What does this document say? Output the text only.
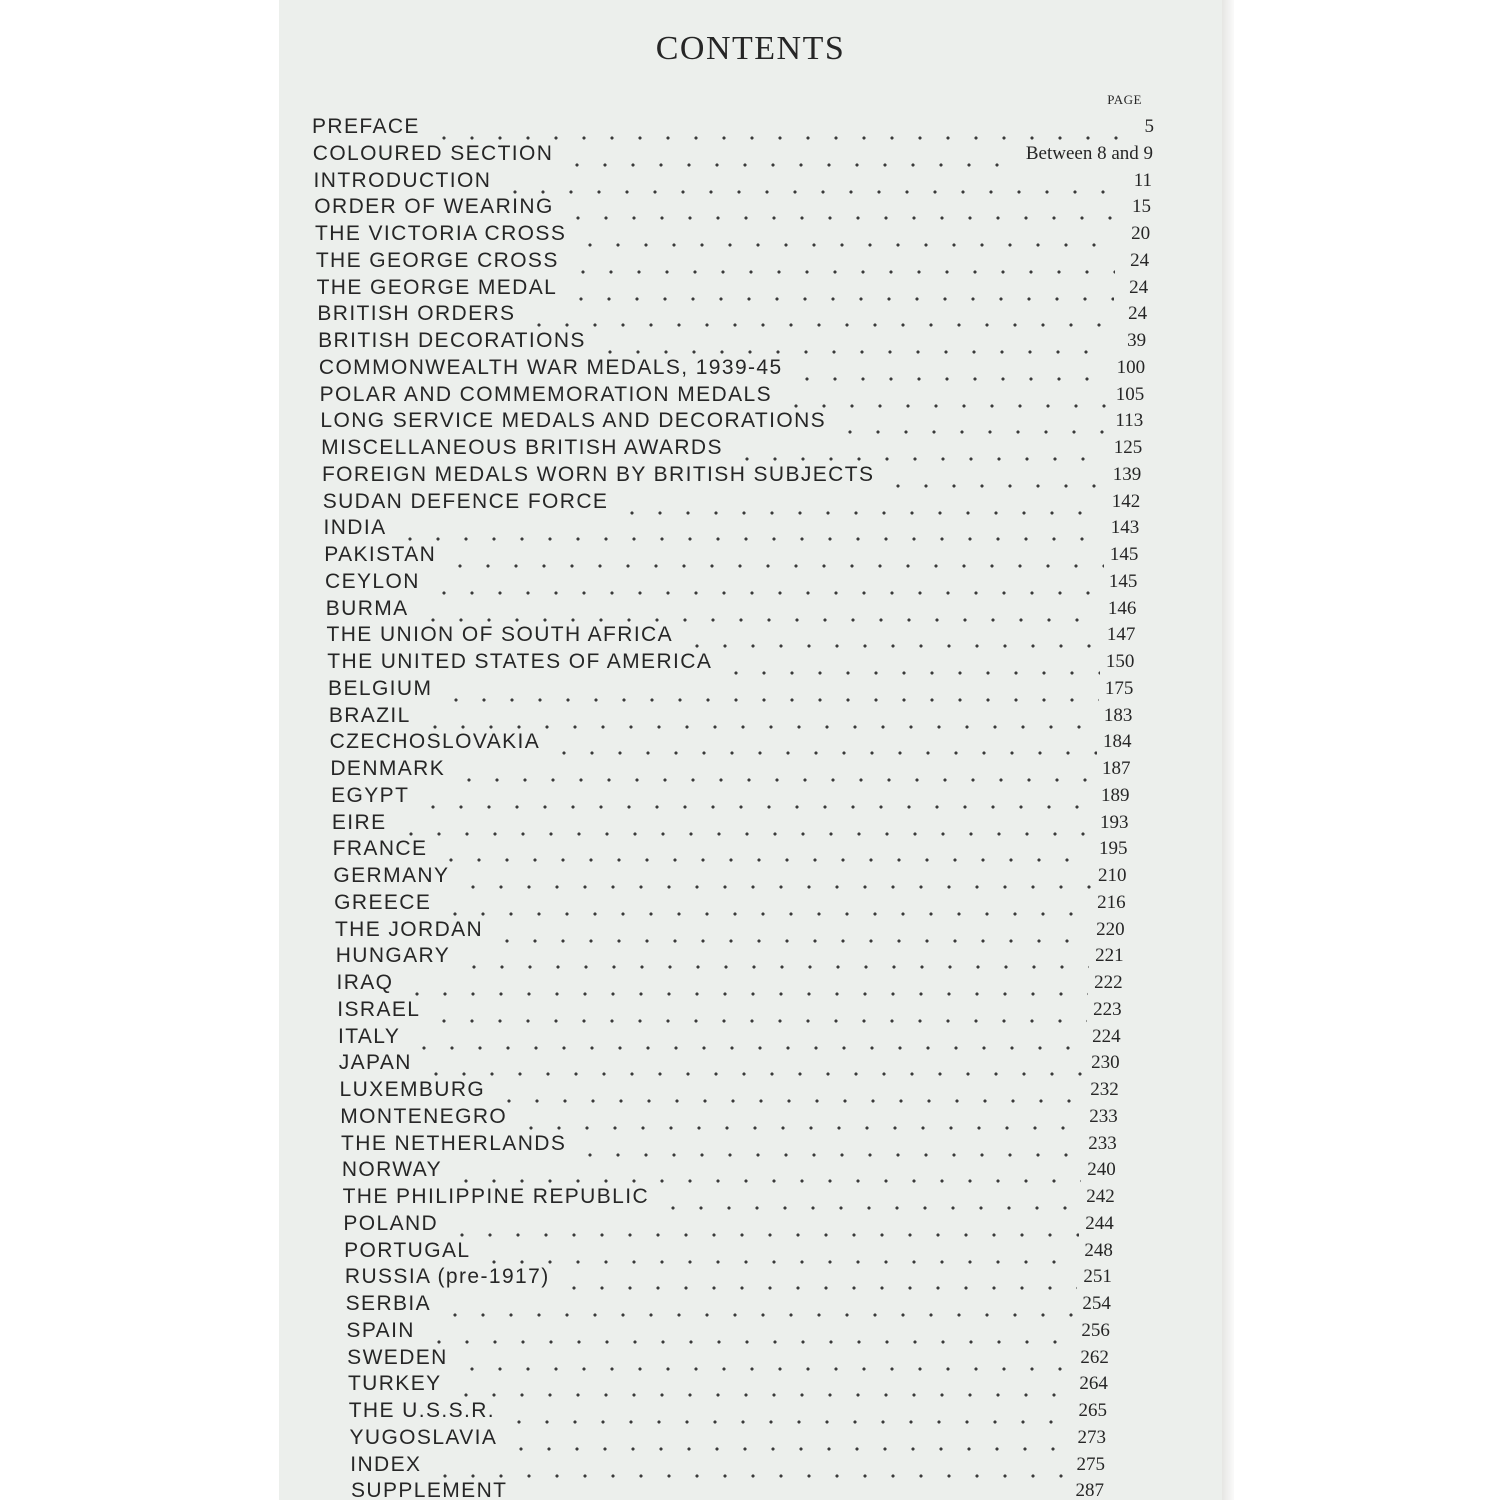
CONTENTS
PAGE
PREFACE	5
COLOURED SECTION	Between 8 and 9
INTRODUCTION	11
ORDER OF WEARING	15
THE VICTORIA CROSS	20
THE GEORGE CROSS	24
THE GEORGE MEDAL	24
BRITISH ORDERS	24
BRITISH DECORATIONS	39
COMMONWEALTH WAR MEDALS, 1939-45	100
POLAR AND COMMEMORATION MEDALS	105
LONG SERVICE MEDALS AND DECORATIONS	113
MISCELLANEOUS BRITISH AWARDS	125
FOREIGN MEDALS WORN BY BRITISH SUBJECTS	139
SUDAN DEFENCE FORCE	142
INDIA	143
PAKISTAN	145
CEYLON	145
BURMA	146
THE UNION OF SOUTH AFRICA	147
THE UNITED STATES OF AMERICA	150
BELGIUM	175
BRAZIL	183
CZECHOSLOVAKIA	184
DENMARK	187
EGYPT	189
EIRE	193
FRANCE	195
GERMANY	210
GREECE	216
THE JORDAN	220
HUNGARY	221
IRAQ	222
ISRAEL	223
ITALY	224
JAPAN	230
LUXEMBURG	232
MONTENEGRO	233
THE NETHERLANDS	233
NORWAY	240
THE PHILIPPINE REPUBLIC	242
POLAND	244
PORTUGAL	248
RUSSIA (pre-1917)	251
SERBIA	254
SPAIN	256
SWEDEN	262
TURKEY	264
THE U.S.S.R.	265
YUGOSLAVIA	273
INDEX	275
SUPPLEMENT	287
